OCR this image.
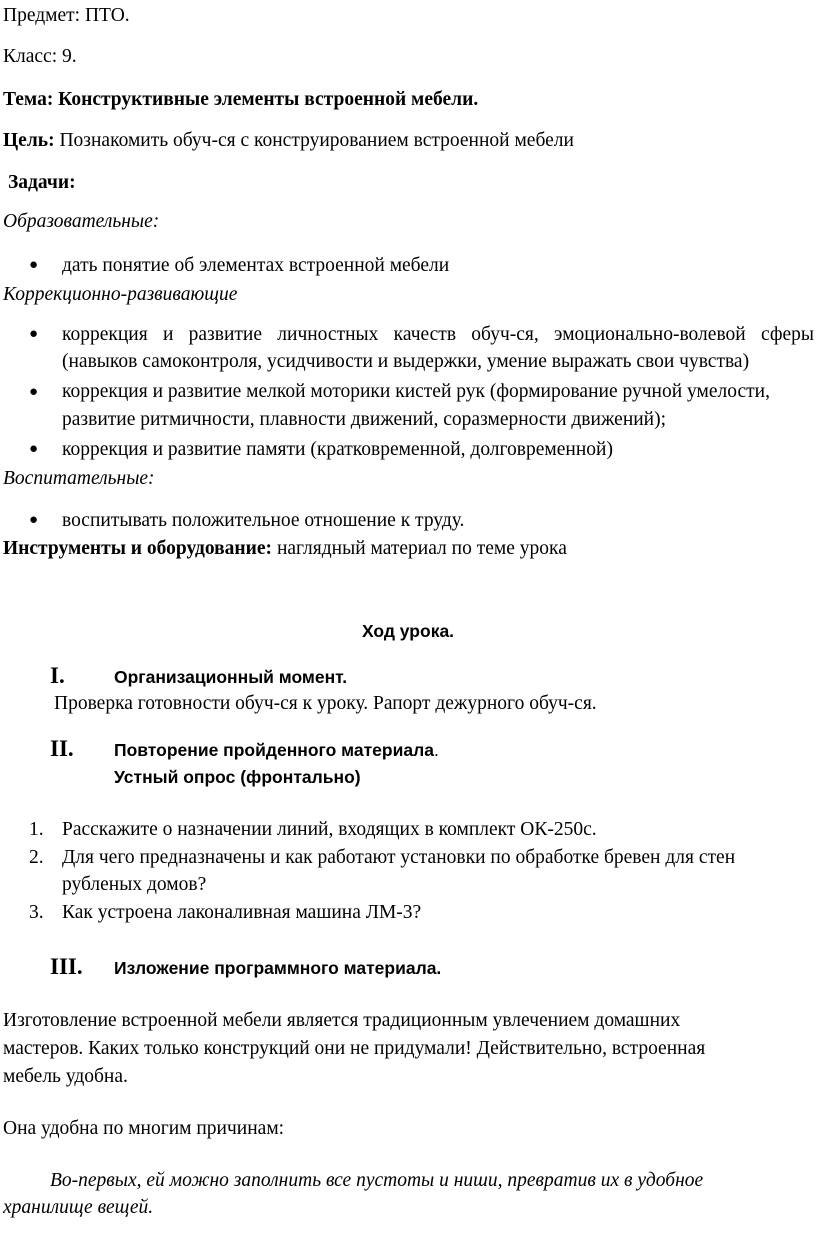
Предмет: ПТО.
Класс: 9.
Тема: Конструктивные элементы встроенной мебели.
Цель: Познакомить обуч-ся с конструированием встроенной мебели
Задачи:
Образовательные:
● дать понятие об элементах встроенной мебели
Коррекционно-развивающие
● коррекция и развитие личностных качеств обуч-ся, эмоционально-волевой сферы
(навыков самоконтроля, усидчивости и выдержки, умение выражать свои чувства)
● коррекция и развитие мелкой моторики кистей рук (формирование ручной умелости,
развитие ритмичности, плавности движений, соразмерности движений);
● коррекция и развитие памяти (кратковременной, долговременной)
Воспитательные:
● воспитывать положительное отношение к труду.
Инструменты и оборудование: наглядный материал по теме урока
Ход урока.
I.	Организационный момент.
Проверка готовности обуч-ся к уроку. Рапорт дежурного обуч-ся.
II. Повторение пройденного материала.
Устный опрос (фронтально)
1. Расскажите о назначении линий, входящих в комплект ОК-250с.
2. Для чего предназначены и как работают установки по обработке бревен для стен
рубленых домов?
3. Как устроена лаконаливная машина ЛМ-3?
III. Изложение программного материала.
Изготовление встроенной мебели является традиционным увлечением домашних
мастеров. Каких только конструкций они не придумали! Действительно, встроенная
мебель удобна.
Она удобна по многим причинам:
Во-первых, ей можно заполнить все пустоты и ниши, превратив их в удобное
хранилище вещей.
